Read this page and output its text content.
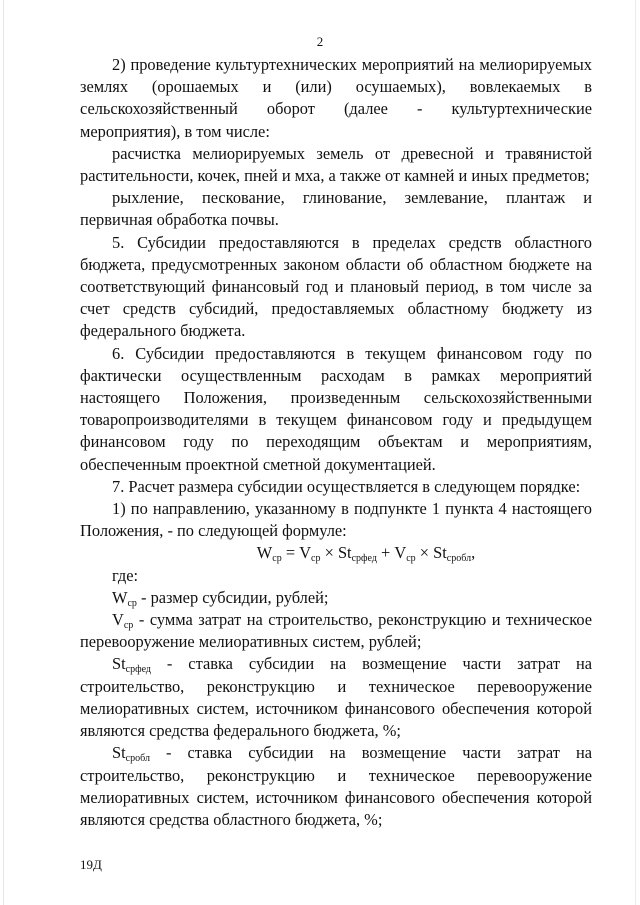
2

2) проведение культуртехнических мероприятий на мелиорируемых землях (орошаемых и (или) осушаемых), вовлекаемых в сельскохозяйственный оборот (далее - культуртехнические мероприятия), в том числе:

расчистка мелиорируемых земель от древесной и травянистой растительности, кочек, пней и мха, а также от камней и иных предметов;

рыхление, пескование, глинование, землевание, плантаж и первичная обработка почвы.

5. Субсидии предоставляются в пределах средств областного бюджета, предусмотренных законом области об областном бюджете на соответствующий финансовый год и плановый период, в том числе за счет средств субсидий, предоставляемых областному бюджету из федерального бюджета.

6. Субсидии предоставляются в текущем финансовом году по фактически осуществленным расходам в рамках мероприятий настоящего Положения, произведенным сельскохозяйственными товаропроизводителями в текущем финансовом году и предыдущем финансовом году по переходящим объектам и мероприятиям, обеспеченным проектной сметной документацией.

7. Расчет размера субсидии осуществляется в следующем порядке:

1) по направлению, указанному в подпункте 1 пункта 4 настоящего Положения, - по следующей формуле:

$W_{ср} = V_{ср} \times St_{срфед} + V_{ср} \times St_{сробл}$,

где:

$W_{ср}$ - размер субсидии, рублей;

$V_{ср}$ - сумма затрат на строительство, реконструкцию и техническое перевооружение мелиоративных систем, рублей;

$St_{срфед}$ - ставка субсидии на возмещение части затрат на строительство, реконструкцию и техническое перевооружение мелиоративных систем, источником финансового обеспечения которой являются средства федерального бюджета, %;

$St_{сробл}$ - ставка субсидии на возмещение части затрат на строительство, реконструкцию и техническое перевооружение мелиоративных систем, источником финансового обеспечения которой являются средства областного бюджета, %;

19Д
